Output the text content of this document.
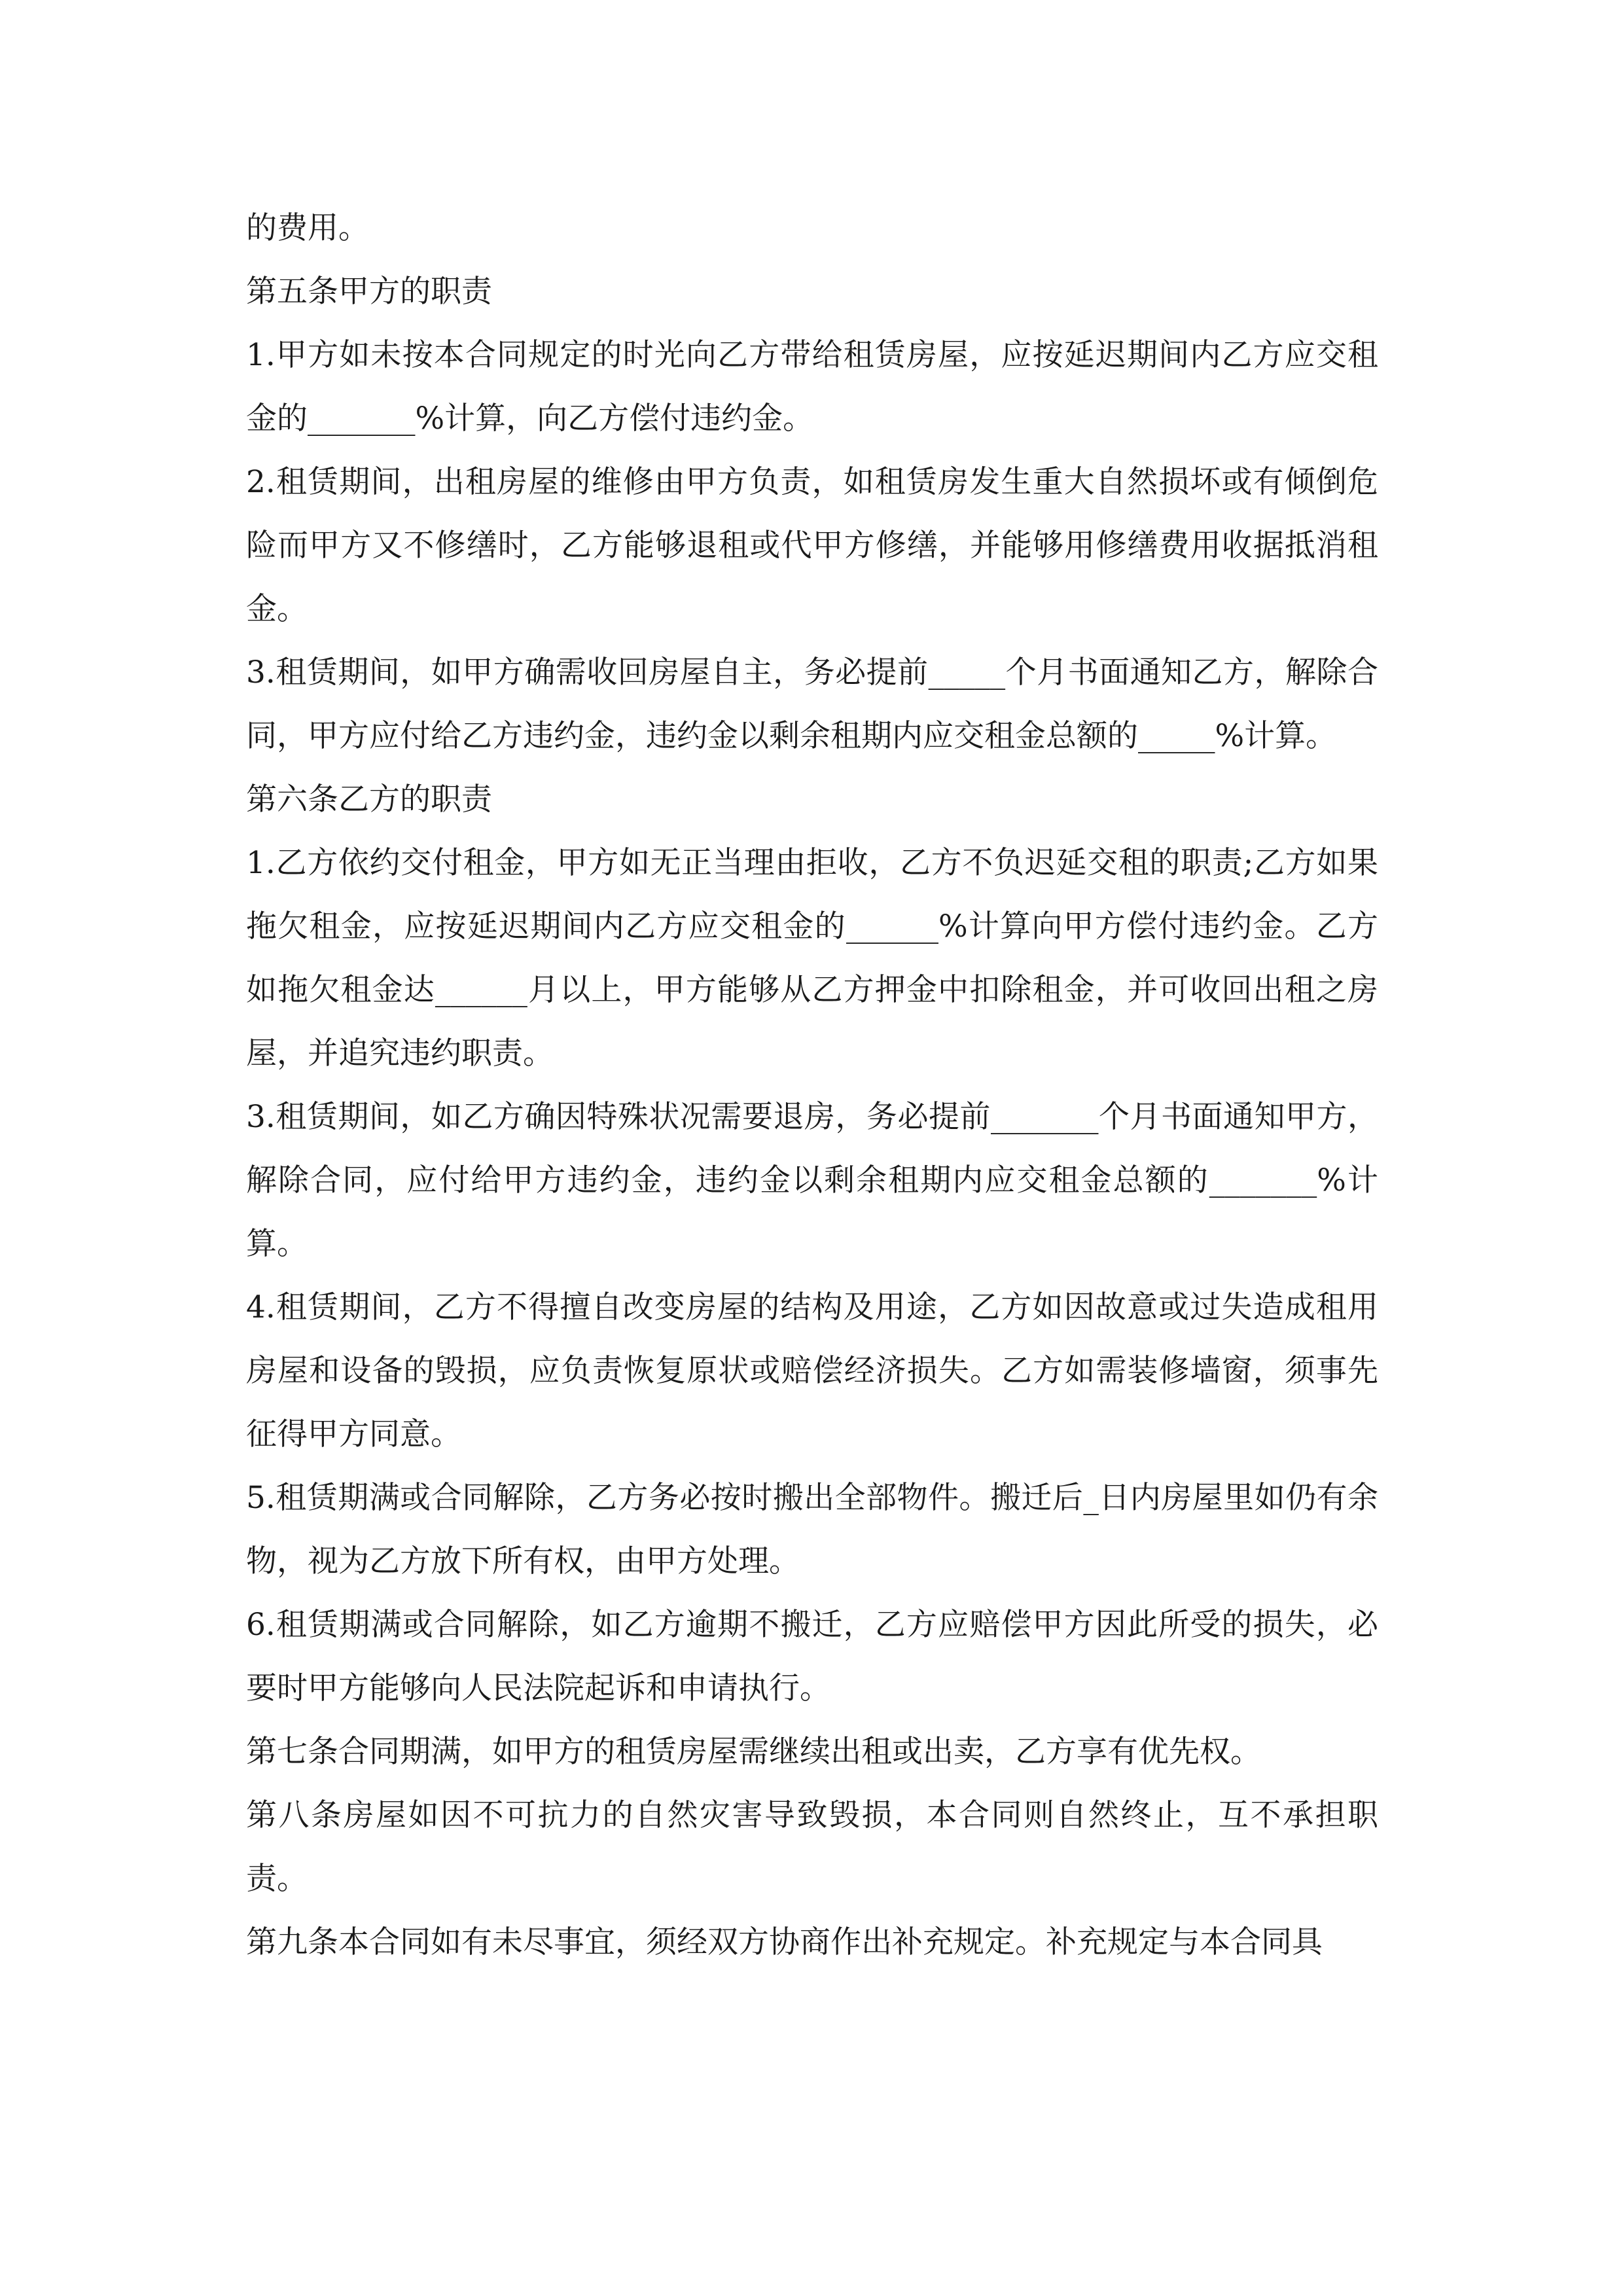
的费用。

第五条甲方的职责

1.甲方如未按本合同规定的时光向乙方带给租赁房屋，应按延迟期间内乙方应交租金的_______%计算，向乙方偿付违约金。

2.租赁期间，出租房屋的维修由甲方负责，如租赁房发生重大自然损坏或有倾倒危险而甲方又不修缮时，乙方能够退租或代甲方修缮，并能够用修缮费用收据抵消租金。

3.租赁期间，如甲方确需收回房屋自主，务必提前_____个月书面通知乙方，解除合同，甲方应付给乙方违约金，违约金以剩余租期内应交租金总额的_____%计算。

第六条乙方的职责

1.乙方依约交付租金，甲方如无正当理由拒收，乙方不负迟延交租的职责;乙方如果拖欠租金，应按延迟期间内乙方应交租金的______%计算向甲方偿付违约金。乙方如拖欠租金达______月以上，甲方能够从乙方押金中扣除租金，并可收回出租之房屋，并追究违约职责。

3.租赁期间，如乙方确因特殊状况需要退房，务必提前_______个月书面通知甲方，解除合同，应付给甲方违约金，违约金以剩余租期内应交租金总额的_______%计算。

4.租赁期间，乙方不得擅自改变房屋的结构及用途，乙方如因故意或过失造成租用房屋和设备的毁损，应负责恢复原状或赔偿经济损失。乙方如需装修墙窗，须事先征得甲方同意。

5.租赁期满或合同解除，乙方务必按时搬出全部物件。搬迁后_日内房屋里如仍有余物，视为乙方放下所有权，由甲方处理。

6.租赁期满或合同解除，如乙方逾期不搬迁，乙方应赔偿甲方因此所受的损失，必要时甲方能够向人民法院起诉和申请执行。

第七条合同期满，如甲方的租赁房屋需继续出租或出卖，乙方享有优先权。

第八条房屋如因不可抗力的自然灾害导致毁损，本合同则自然终止，互不承担职责。

第九条本合同如有未尽事宜，须经双方协商作出补充规定。补充规定与本合同具
